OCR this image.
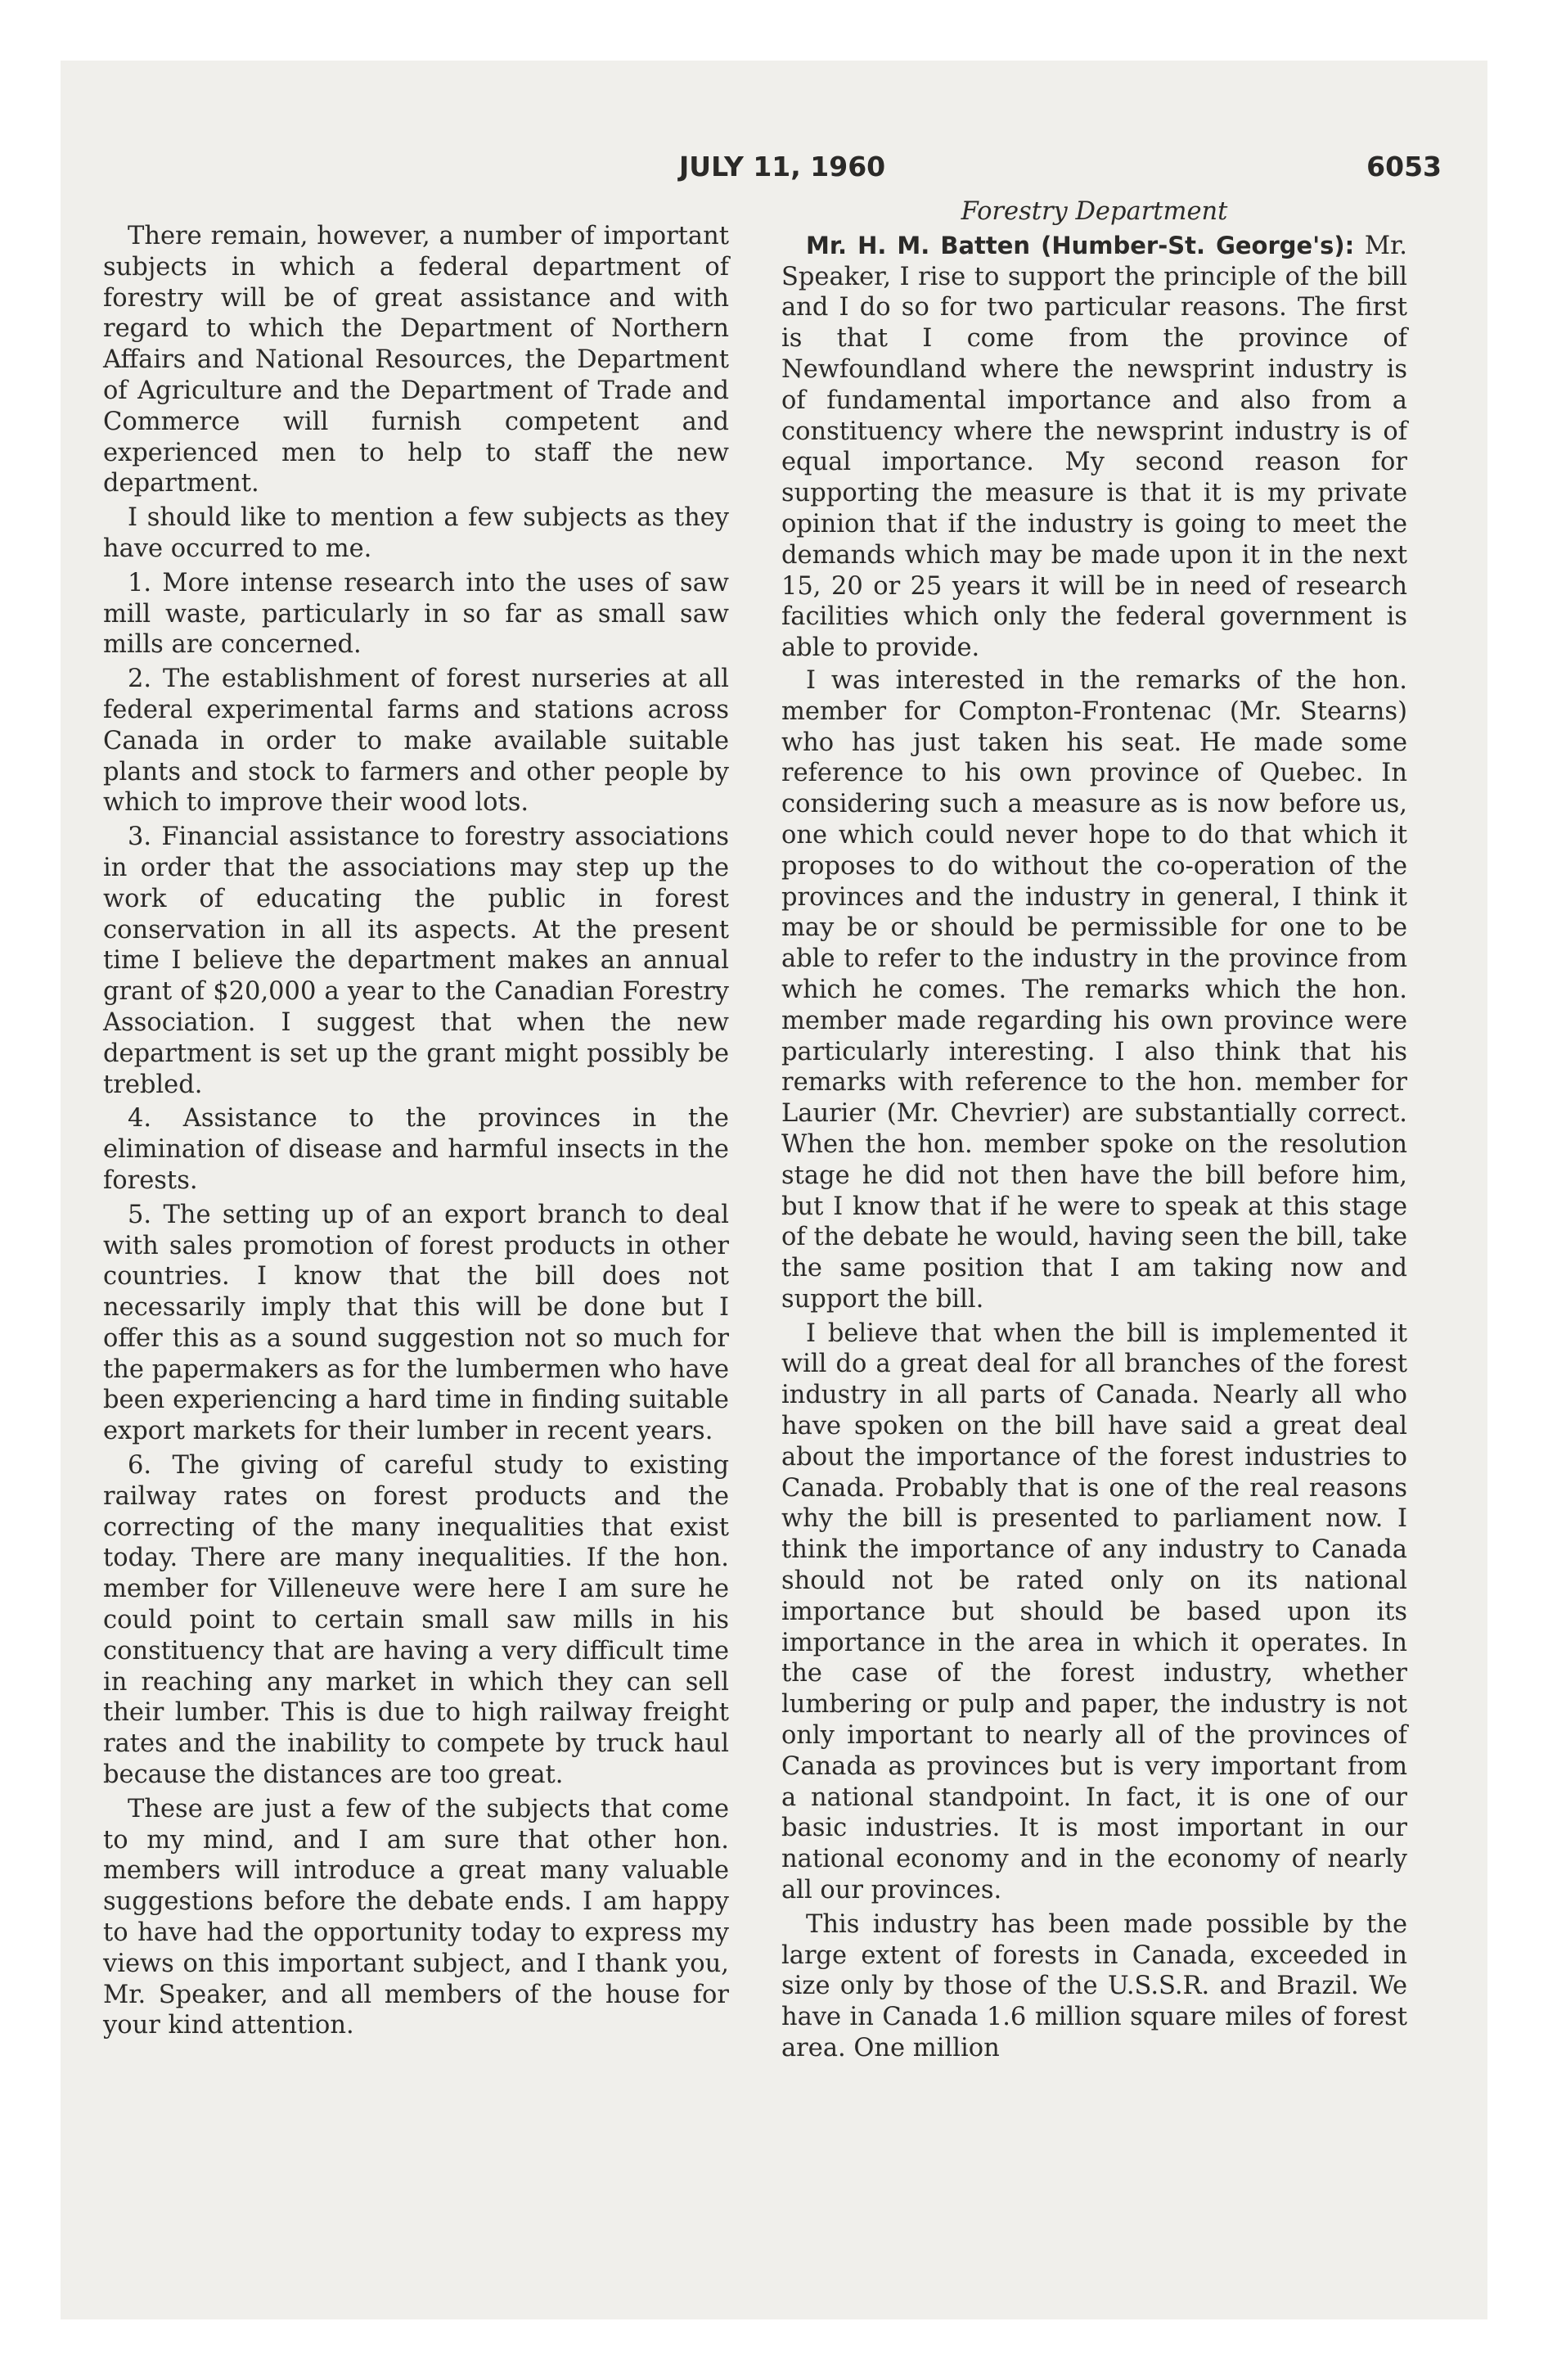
JULY 11, 1960	6053

There remain, however, a number of important subjects in which a federal department of forestry will be of great assistance and with regard to which the Department of Northern Affairs and National Resources, the Department of Agriculture and the Department of Trade and Commerce will furnish competent and experienced men to help to staff the new department.

I should like to mention a few subjects as they have occurred to me.

1. More intense research into the uses of saw mill waste, particularly in so far as small saw mills are concerned.

2. The establishment of forest nurseries at all federal experimental farms and stations across Canada in order to make available suitable plants and stock to farmers and other people by which to improve their wood lots.

3. Financial assistance to forestry associations in order that the associations may step up the work of educating the public in forest conservation in all its aspects. At the present time I believe the department makes an annual grant of $20,000 a year to the Canadian Forestry Association. I suggest that when the new department is set up the grant might possibly be trebled.

4. Assistance to the provinces in the elimination of disease and harmful insects in the forests.

5. The setting up of an export branch to deal with sales promotion of forest products in other countries. I know that the bill does not necessarily imply that this will be done but I offer this as a sound suggestion not so much for the papermakers as for the lumbermen who have been experiencing a hard time in finding suitable export markets for their lumber in recent years.

6. The giving of careful study to existing railway rates on forest products and the correcting of the many inequalities that exist today. There are many inequalities. If the hon. member for Villeneuve were here I am sure he could point to certain small saw mills in his constituency that are having a very difficult time in reaching any market in which they can sell their lumber. This is due to high railway freight rates and the inability to compete by truck haul because the distances are too great.

These are just a few of the subjects that come to my mind, and I am sure that other hon. members will introduce a great many valuable suggestions before the debate ends. I am happy to have had the opportunity today to express my views on this important subject, and I thank you, Mr. Speaker, and all members of the house for your kind attention.

Forestry Department

Mr. H. M. Batten (Humber-St. George's): Mr. Speaker, I rise to support the principle of the bill and I do so for two particular reasons. The first is that I come from the province of Newfoundland where the newsprint industry is of fundamental importance and also from a constituency where the newsprint industry is of equal importance. My second reason for supporting the measure is that it is my private opinion that if the industry is going to meet the demands which may be made upon it in the next 15, 20 or 25 years it will be in need of research facilities which only the federal government is able to provide.

I was interested in the remarks of the hon. member for Compton-Frontenac (Mr. Stearns) who has just taken his seat. He made some reference to his own province of Quebec. In considering such a measure as is now before us, one which could never hope to do that which it proposes to do without the co-operation of the provinces and the industry in general, I think it may be or should be permissible for one to be able to refer to the industry in the province from which he comes. The remarks which the hon. member made regarding his own province were particularly interesting. I also think that his remarks with reference to the hon. member for Laurier (Mr. Chevrier) are substantially correct. When the hon. member spoke on the resolution stage he did not then have the bill before him, but I know that if he were to speak at this stage of the debate he would, having seen the bill, take the same position that I am taking now and support the bill.

I believe that when the bill is implemented it will do a great deal for all branches of the forest industry in all parts of Canada. Nearly all who have spoken on the bill have said a great deal about the importance of the forest industries to Canada. Probably that is one of the real reasons why the bill is presented to parliament now. I think the importance of any industry to Canada should not be rated only on its national importance but should be based upon its importance in the area in which it operates. In the case of the forest industry, whether lumbering or pulp and paper, the industry is not only important to nearly all of the provinces of Canada as provinces but is very important from a national standpoint. In fact, it is one of our basic industries. It is most important in our national economy and in the economy of nearly all our provinces.

This industry has been made possible by the large extent of forests in Canada, exceeded in size only by those of the U.S.S.R. and Brazil. We have in Canada 1.6 million square miles of forest area. One million
